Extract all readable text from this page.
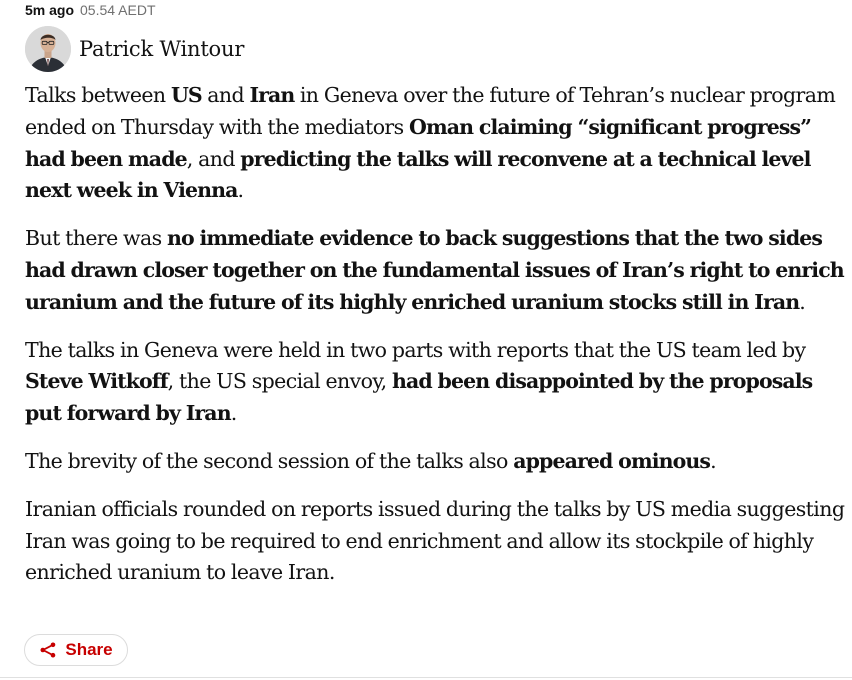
5m ago 05.54 AEDT
Patrick Wintour

Talks between US and Iran in Geneva over the future of Tehran’s nuclear program ended on Thursday with the mediators Oman claiming “significant progress” had been made, and predicting the talks will reconvene at a technical level next week in Vienna.

But there was no immediate evidence to back suggestions that the two sides had drawn closer together on the fundamental issues of Iran’s right to enrich uranium and the future of its highly enriched uranium stocks still in Iran.

The talks in Geneva were held in two parts with reports that the US team led by Steve Witkoff, the US special envoy, had been disappointed by the proposals put forward by Iran.

The brevity of the second session of the talks also appeared ominous.

Iranian officials rounded on reports issued during the talks by US media suggesting Iran was going to be required to end enrichment and allow its stockpile of highly enriched uranium to leave Iran.

Share
